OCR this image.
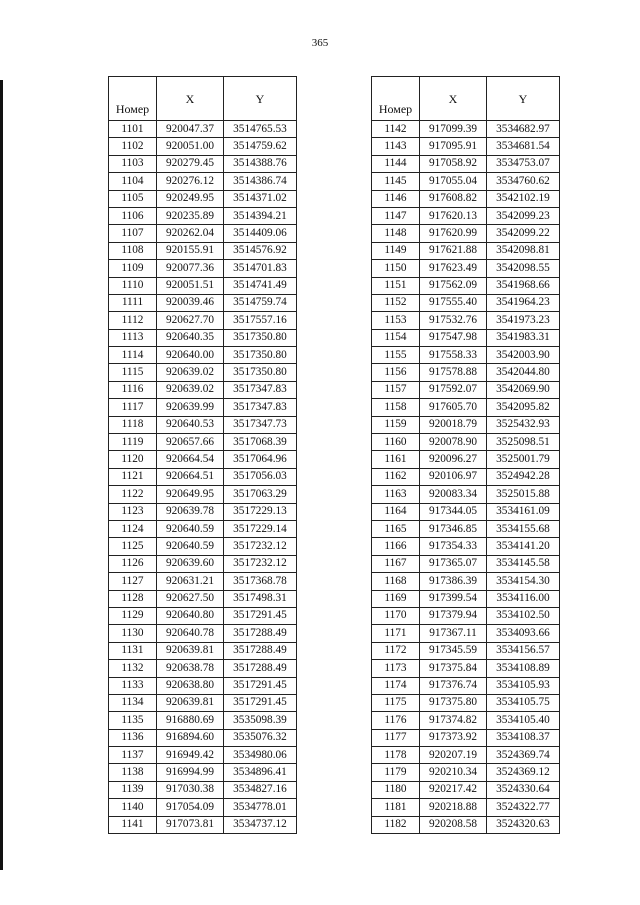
365
Номер	X	Y
1101	920047.37	3514765.53
1102	920051.00	3514759.62
1103	920279.45	3514388.76
1104	920276.12	3514386.74
1105	920249.95	3514371.02
1106	920235.89	3514394.21
1107	920262.04	3514409.06
1108	920155.91	3514576.92
1109	920077.36	3514701.83
1110	920051.51	3514741.49
1111	920039.46	3514759.74
1112	920627.70	3517557.16
1113	920640.35	3517350.80
1114	920640.00	3517350.80
1115	920639.02	3517350.80
1116	920639.02	3517347.83
1117	920639.99	3517347.83
1118	920640.53	3517347.73
1119	920657.66	3517068.39
1120	920664.54	3517064.96
1121	920664.51	3517056.03
1122	920649.95	3517063.29
1123	920639.78	3517229.13
1124	920640.59	3517229.14
1125	920640.59	3517232.12
1126	920639.60	3517232.12
1127	920631.21	3517368.78
1128	920627.50	3517498.31
1129	920640.80	3517291.45
1130	920640.78	3517288.49
1131	920639.81	3517288.49
1132	920638.78	3517288.49
1133	920638.80	3517291.45
1134	920639.81	3517291.45
1135	916880.69	3535098.39
1136	916894.60	3535076.32
1137	916949.42	3534980.06
1138	916994.99	3534896.41
1139	917030.38	3534827.16
1140	917054.09	3534778.01
1141	917073.81	3534737.12
Номер	X	Y
1142	917099.39	3534682.97
1143	917095.91	3534681.54
1144	917058.92	3534753.07
1145	917055.04	3534760.62
1146	917608.82	3542102.19
1147	917620.13	3542099.23
1148	917620.99	3542099.22
1149	917621.88	3542098.81
1150	917623.49	3542098.55
1151	917562.09	3541968.66
1152	917555.40	3541964.23
1153	917532.76	3541973.23
1154	917547.98	3541983.31
1155	917558.33	3542003.90
1156	917578.88	3542044.80
1157	917592.07	3542069.90
1158	917605.70	3542095.82
1159	920018.79	3525432.93
1160	920078.90	3525098.51
1161	920096.27	3525001.79
1162	920106.97	3524942.28
1163	920083.34	3525015.88
1164	917344.05	3534161.09
1165	917346.85	3534155.68
1166	917354.33	3534141.20
1167	917365.07	3534145.58
1168	917386.39	3534154.30
1169	917399.54	3534116.00
1170	917379.94	3534102.50
1171	917367.11	3534093.66
1172	917345.59	3534156.57
1173	917375.84	3534108.89
1174	917376.74	3534105.93
1175	917375.80	3534105.75
1176	917374.82	3534105.40
1177	917373.92	3534108.37
1178	920207.19	3524369.74
1179	920210.34	3524369.12
1180	920217.42	3524330.64
1181	920218.88	3524322.77
1182	920208.58	3524320.63
